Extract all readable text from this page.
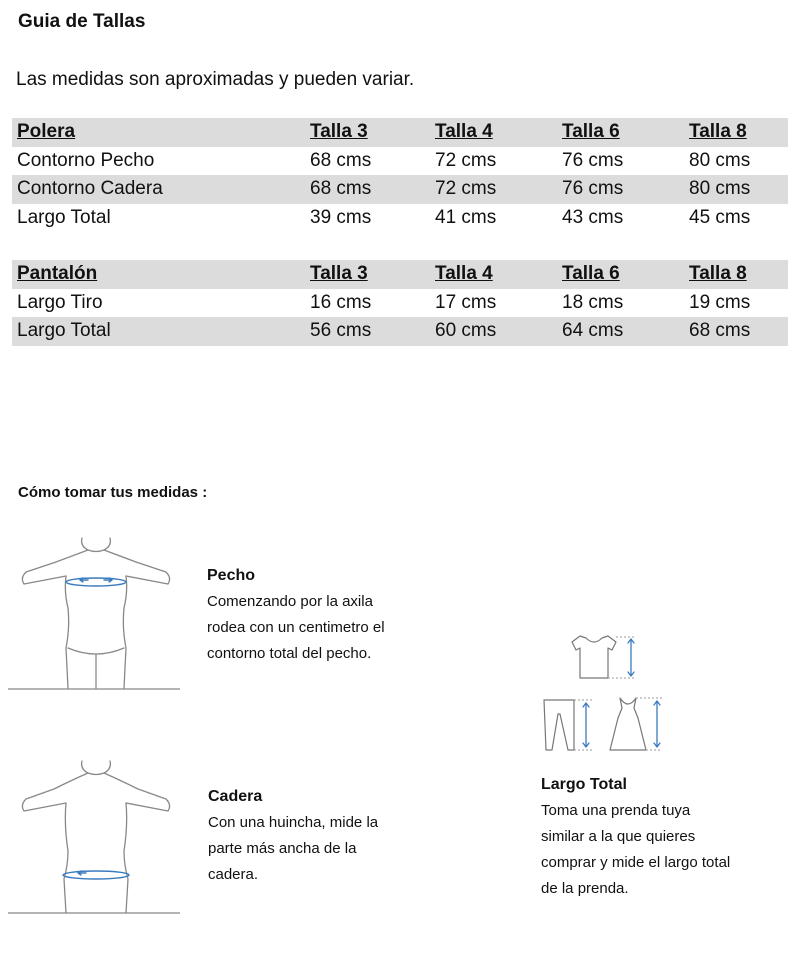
Guia de Tallas
Las medidas son aproximadas y pueden variar.
Polera	Talla 3	Talla 4	Talla 6	Talla 8
Contorno Pecho	68 cms	72 cms	76 cms	80 cms
Contorno Cadera	68 cms	72 cms	76 cms	80 cms
Largo Total	39 cms	41 cms	43 cms	45 cms
Pantalón	Talla 3	Talla 4	Talla 6	Talla 8
Largo Tiro	16 cms	17 cms	18 cms	19 cms
Largo Total	56 cms	60 cms	64 cms	68 cms
Cómo tomar tus medidas :
Pecho
Comenzando por la axila
rodea con un centimetro el
contorno total del pecho.
Cadera
Con una huincha, mide la
parte más ancha de la
cadera.
Largo Total
Toma una prenda tuya
similar a la que quieres
comprar y mide el largo total
de la prenda.
